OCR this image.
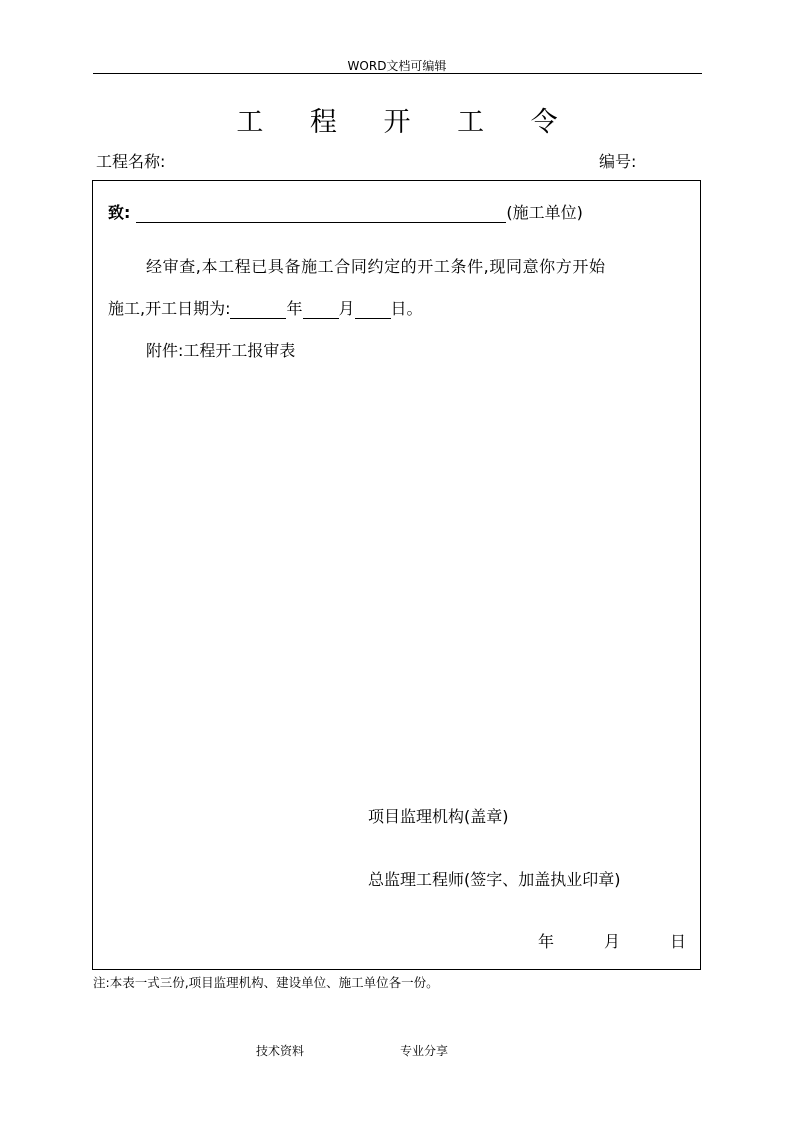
WORD文档可编辑
工 程 开 工 令
工程名称:	编号:
致:	(施工单位)
经审查,本工程已具备施工合同约定的开工条件,现同意你方开始
施工,开工日期为:	年 月 日。
附件:工程开工报审表
项目监理机构(盖章)
总监理工程师(签字、加盖执业印章)
年	月	日
注:本表一式三份,项目监理机构、建设单位、施工单位各一份。
技术资料	专业分享
